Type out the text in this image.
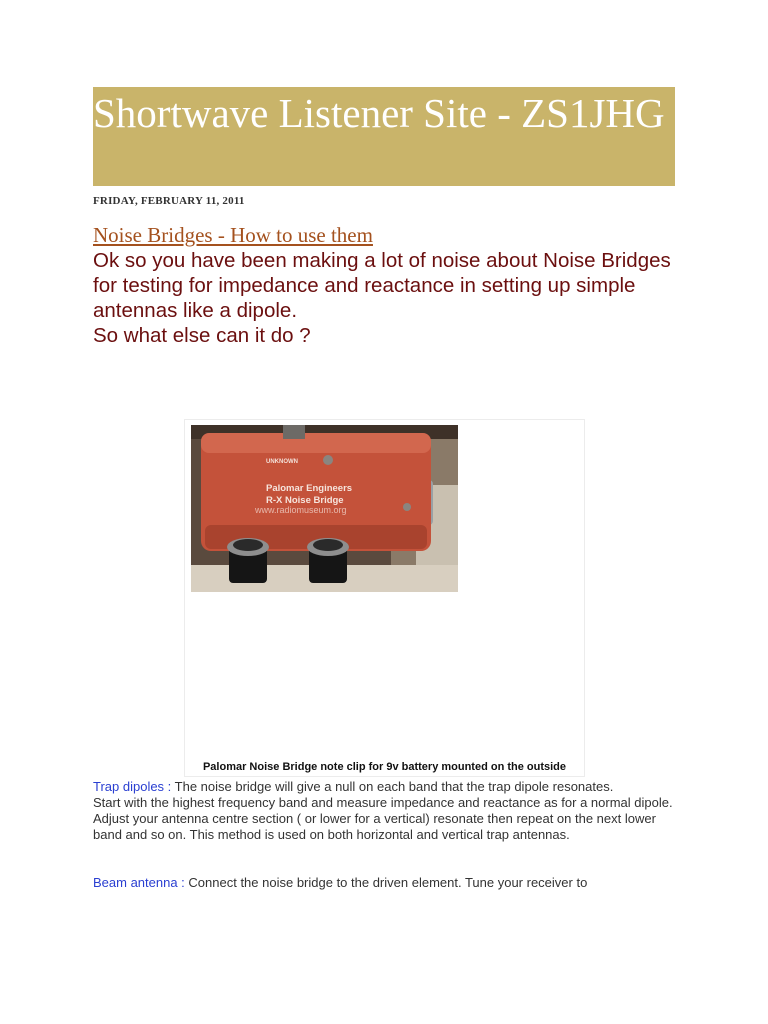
Shortwave Listener Site - ZS1JHG
FRIDAY, FEBRUARY 11, 2011
Noise Bridges - How to use them

Ok so you have been making a lot of noise about Noise Bridges for testing for impedance and reactance in setting up simple antennas like a dipole.

So what else can it do ?

UNKNOWN
Palomar Engineers
R-X Noise Bridge
www.radiomuseum.org
Palomar Noise Bridge note clip for 9v battery mounted on the outside

Trap dipoles : The noise bridge will give a null on each band that the trap dipole resonates.

Start with the highest frequency band and measure impedance and reactance as for a normal dipole. Adjust your antenna centre section ( or lower for a vertical) resonate then repeat on the next lower band and so on. This method is used on both horizontal and vertical trap antennas.

Beam antenna : Connect the noise bridge to the driven element. Tune your receiver to
